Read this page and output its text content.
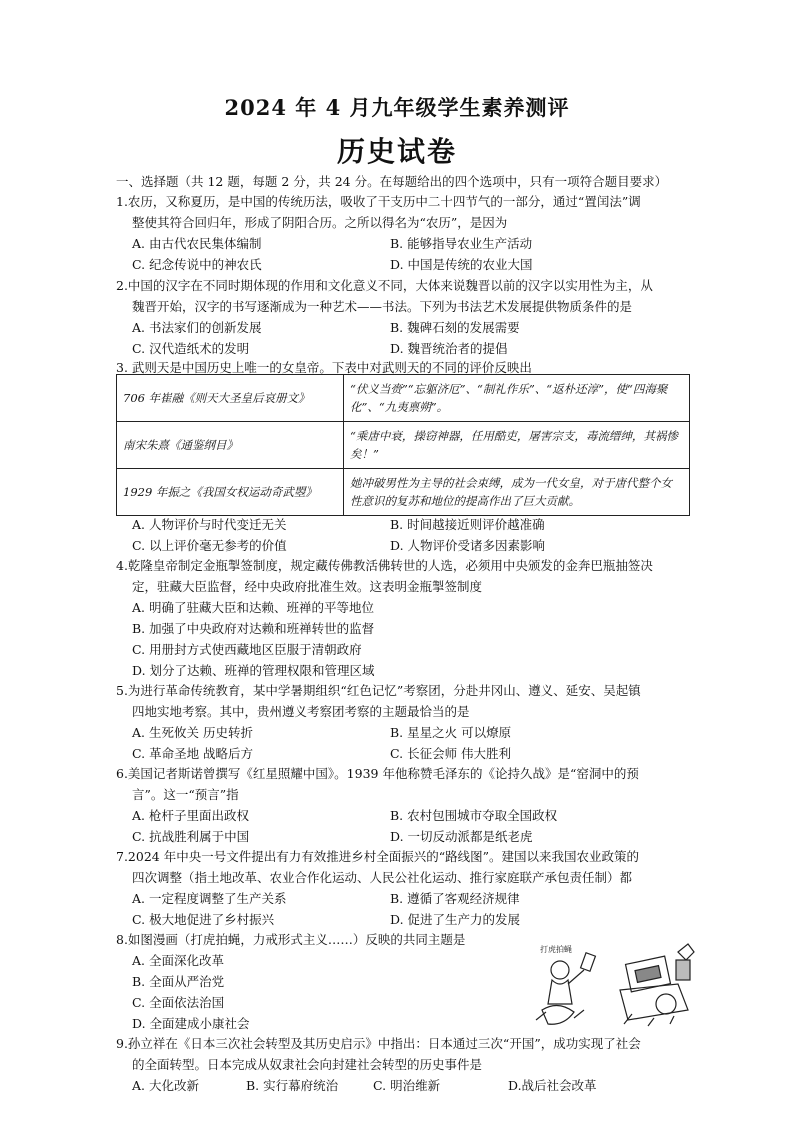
2024 年 4 月九年级学生素养测评
历史试卷
一、选择题（共 12 题，每题 2 分，共 24 分。在每题给出的四个选项中，只有一项符合题目要求）
1.农历，又称夏历，是中国的传统历法，吸收了干支历中二十四节气的一部分，通过“置闰法”调
整使其符合回归年，形成了阴阳合历。之所以得名为“农历”，是因为
A. 由古代农民集体编制	B. 能够指导农业生产活动
C. 纪念传说中的神农氏	D. 中国是传统的农业大国
2.中国的汉字在不同时期体现的作用和文化意义不同，大体来说魏晋以前的汉字以实用性为主，从
魏晋开始，汉字的书写逐渐成为一种艺术——书法。下列为书法艺术发展提供物质条件的是
A. 书法家们的创新发展	B. 魏碑石刻的发展需要
C. 汉代造纸术的发明	D. 魏晋统治者的提倡
3. 武则天是中国历史上唯一的女皇帝。下表中对武则天的不同的评价反映出
706 年崔融《则天大圣皇后哀册文》	“伏义当赍”“忘躯济厄”、“制礼作乐”、“返朴还淳”，使“四海聚化”、“九夷禀朔”。
南宋朱熹《通鉴纲目》	“乘唐中衰，操窃神器，任用酷吏，屠害宗支，毒流缙绅，其祸惨矣！”
1929 年振之《我国女权运动奇武曌》	她冲破男性为主导的社会束缚，成为一代女皇，对于唐代整个女性意识的复苏和地位的提高作出了巨大贡献。
A. 人物评价与时代变迁无关	B. 时间越接近则评价越准确
C. 以上评价毫无参考的价值	D. 人物评价受诸多因素影响
4.乾隆皇帝制定金瓶掣签制度，规定藏传佛教活佛转世的人选，必须用中央颁发的金奔巴瓶抽签决
定，驻藏大臣监督，经中央政府批准生效。这表明金瓶掣签制度
A. 明确了驻藏大臣和达赖、班禅的平等地位
B. 加强了中央政府对达赖和班禅转世的监督
C. 用册封方式使西藏地区臣服于清朝政府
D. 划分了达赖、班禅的管理权限和管理区域
5.为进行革命传统教育，某中学暑期组织“红色记忆”考察团，分赴井冈山、遵义、延安、吴起镇
四地实地考察。其中，贵州遵义考察团考察的主题最恰当的是
A. 生死攸关 历史转折	B. 星星之火 可以燎原
C. 革命圣地 战略后方	C. 长征会师 伟大胜利
6.美国记者斯诺曾撰写《红星照耀中国》。1939 年他称赞毛泽东的《论持久战》是“窑洞中的预
言”。这一“预言”指
A. 枪杆子里面出政权	B. 农村包围城市夺取全国政权
C. 抗战胜利属于中国	D. 一切反动派都是纸老虎
7.2024 年中央一号文件提出有力有效推进乡村全面振兴的“路线图”。建国以来我国农业政策的
四次调整（指土地改革、农业合作化运动、人民公社化运动、推行家庭联产承包责任制）都
A. 一定程度调整了生产关系	B. 遵循了客观经济规律
C. 极大地促进了乡村振兴	D. 促进了生产力的发展
8.如图漫画（打虎拍蝇，力戒形式主义……）反映的共同主题是
A. 全面深化改革
B. 全面从严治党
C. 全面依法治国
D. 全面建成小康社会
打虎拍蝇
9.孙立祥在《日本三次社会转型及其历史启示》中指出：日本通过三次“开国”，成功实现了社会
的全面转型。日本完成从奴隶社会向封建社会转型的历史事件是
A. 大化改新	B. 实行幕府统治	C. 明治维新	D.战后社会改革
